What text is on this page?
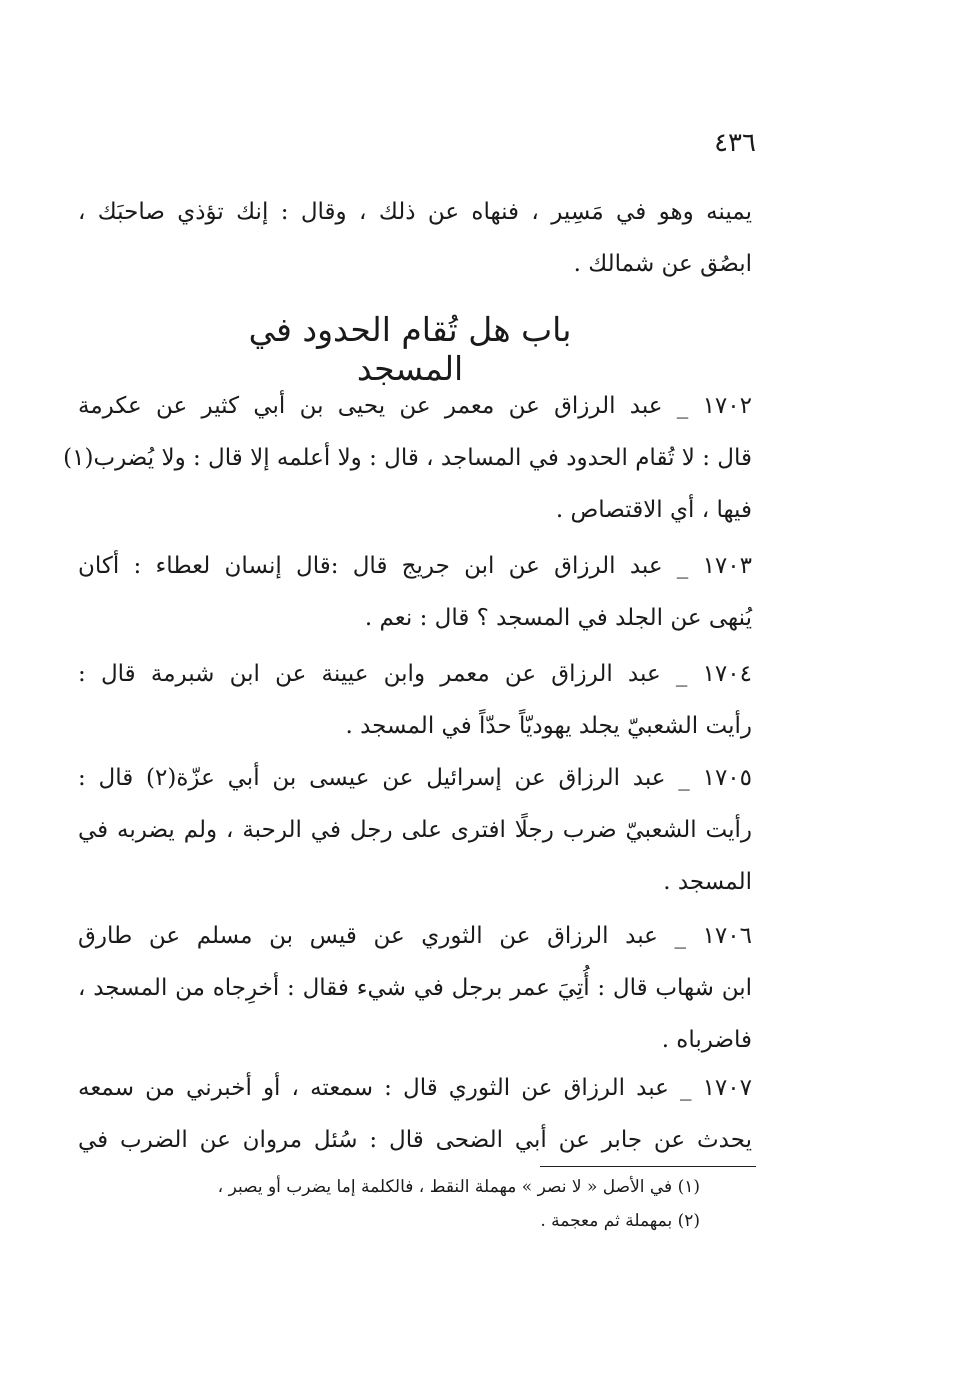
٤٣٦
يمينه وهو في مَسِير ، فنهاه عن ذلك ، وقال : إنك تؤذي صاحبَك ،
ابصُق عن شمالك .
باب هل تُقام الحدود في المسجد
١٧٠٢ _ عبد الرزاق عن معمر عن يحيى بن أبي كثير عن عكرمة
قال : لا تُقام الحدود في المساجد ، قال : ولا أعلمه إلا قال : ولا يُضرب(١)
فيها ، أي الاقتصاص .
١٧٠٣ _ عبد الرزاق عن ابن جريج قال :قال إنسان لعطاء : أكان
يُنهى عن الجلد في المسجد ؟ قال : نعم .
١٧٠٤ _ عبد الرزاق عن معمر وابن عيينة عن ابن شبرمة قال :
رأيت الشعبيّ يجلد يهوديّاً حدّاً في المسجد .
١٧٠٥ _ عبد الرزاق عن إسرائيل عن عيسى بن أبي عزّة(٢) قال :
رأيت الشعبيّ ضرب رجلًا افترى على رجل في الرحبة ، ولم يضربه في
المسجد .
١٧٠٦ _ عبد الرزاق عن الثوري عن قيس بن مسلم عن طارق
ابن شهاب قال : أُتِيَ عمر برجل في شيء فقال : أخرِجاه من المسجد ،
فاضرباه .
١٧٠٧ _ عبد الرزاق عن الثوري قال : سمعته ، أو أخبرني من سمعه
يحدث عن جابر عن أبي الضحى قال : سُئل مروان عن الضرب في
(١) في الأصل « لا نصر » مهملة النقط ، فالكلمة إما يضرب أو يصبر ،
(٢) بمهملة ثم معجمة .
